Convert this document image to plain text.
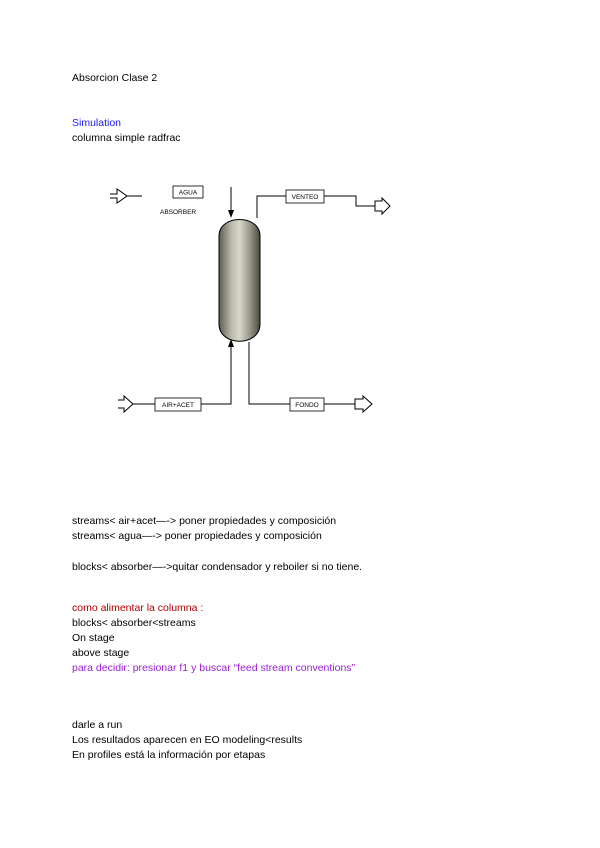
Absorcion Clase 2
Simulation
columna simple radfrac
AGUA
ABSORBER
VENTEO
AIR+ACET	FONDO
streams< air+acet—-> poner propiedades y composición
streams< agua—-> poner propiedades y composición
blocks< absorber—->quitar condensador y reboiler si no tiene.
como alimentar la columna :
blocks< absorber<streams
On stage
above stage
para decidir: presionar f1 y buscar “feed stream conventions”
darle a run
Los resultados aparecen en EO modeling<results
En profiles está la información por etapas
